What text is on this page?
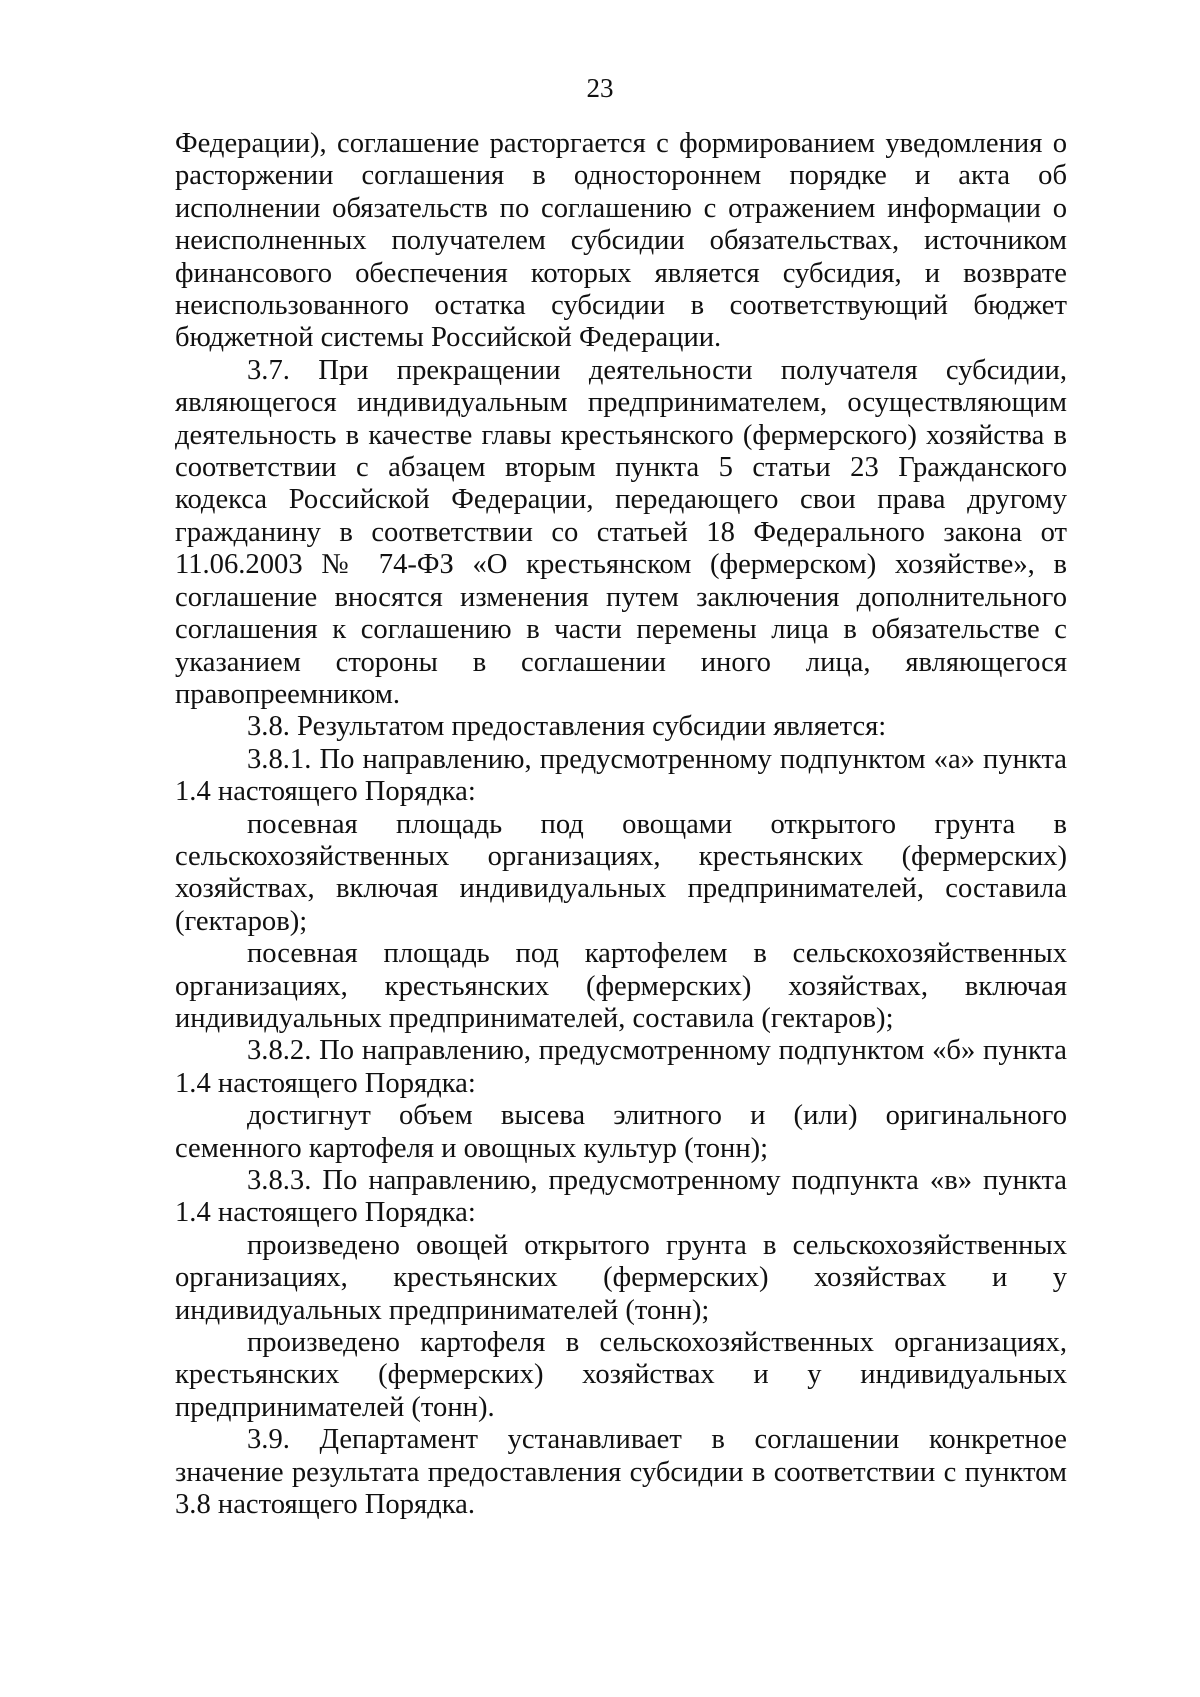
23

Федерации), соглашение расторгается с формированием уведомления о расторжении соглашения в одностороннем порядке и акта об исполнении обязательств по соглашению с отражением информации о неисполненных получателем субсидии обязательствах, источником финансового обеспечения которых является субсидия, и возврате неиспользованного остатка субсидии в соответствующий бюджет бюджетной системы Российской Федерации.

3.7. При прекращении деятельности получателя субсидии, являющегося индивидуальным предпринимателем, осуществляющим деятельность в качестве главы крестьянского (фермерского) хозяйства в соответствии с абзацем вторым пункта 5 статьи 23 Гражданского кодекса Российской Федерации, передающего свои права другому гражданину в соответствии со статьей 18 Федерального закона от 11.06.2003 № 74-ФЗ «О крестьянском (фермерском) хозяйстве», в соглашение вносятся изменения путем заключения дополнительного соглашения к соглашению в части перемены лица в обязательстве с указанием стороны в соглашении иного лица, являющегося правопреемником.

3.8. Результатом предоставления субсидии является:

3.8.1. По направлению, предусмотренному подпунктом «а» пункта 1.4 настоящего Порядка:

посевная площадь под овощами открытого грунта в сельскохозяйственных организациях, крестьянских (фермерских) хозяйствах, включая индивидуальных предпринимателей, составила (гектаров);

посевная площадь под картофелем в сельскохозяйственных организациях, крестьянских (фермерских) хозяйствах, включая индивидуальных предпринимателей, составила (гектаров);

3.8.2. По направлению, предусмотренному подпунктом «б» пункта 1.4 настоящего Порядка:

достигнут объем высева элитного и (или) оригинального семенного картофеля и овощных культур (тонн);

3.8.3. По направлению, предусмотренному подпункта «в» пункта 1.4 настоящего Порядка:

произведено овощей открытого грунта в сельскохозяйственных организациях, крестьянских (фермерских) хозяйствах и у индивидуальных предпринимателей (тонн);

произведено картофеля в сельскохозяйственных организациях, крестьянских (фермерских) хозяйствах и у индивидуальных предпринимателей (тонн).

3.9. Департамент устанавливает в соглашении конкретное значение результата предоставления субсидии в соответствии с пунктом 3.8 настоящего Порядка.
